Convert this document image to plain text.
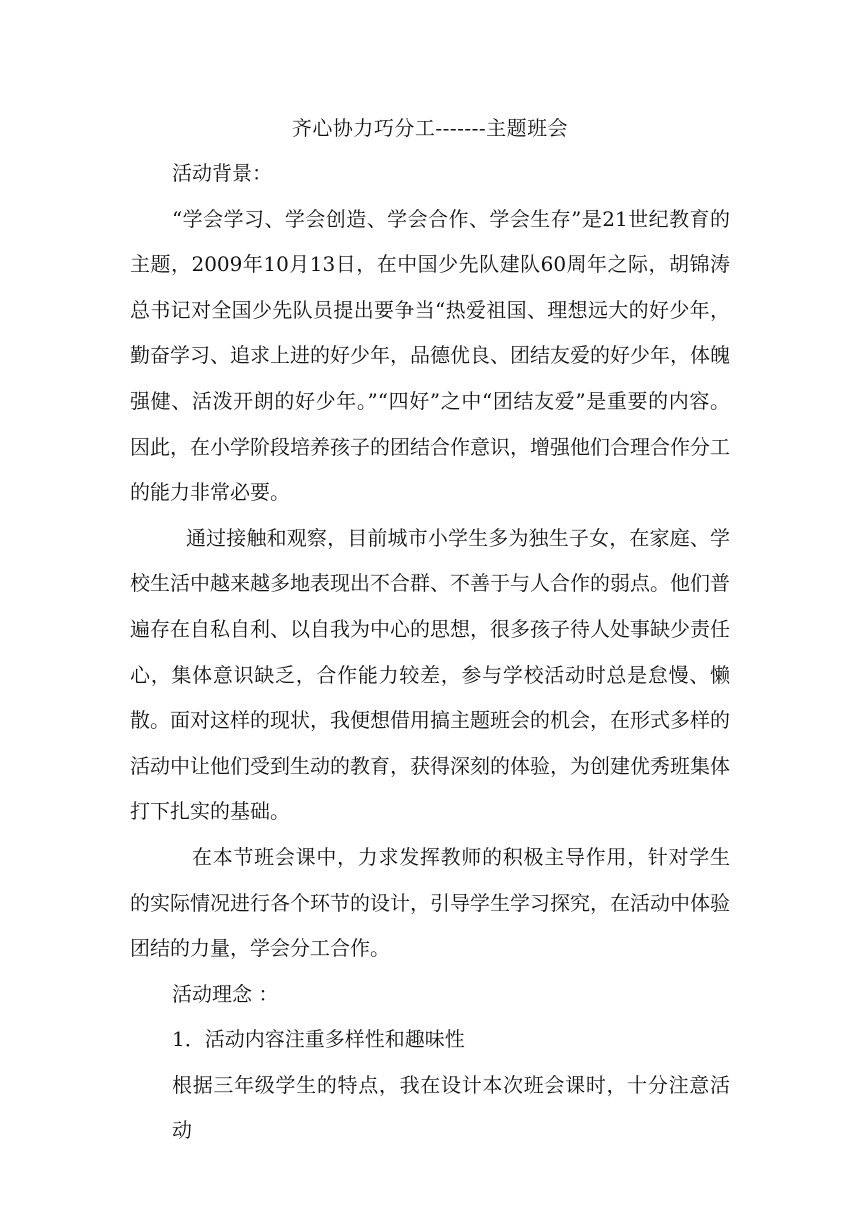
齐心协力巧分工-------主题班会

活动背景：

“学会学习、学会创造、学会合作、学会生存”是21世纪教育的主题，2009年10月13日，在中国少先队建队60周年之际，胡锦涛总书记对全国少先队员提出要争当“热爱祖国、理想远大的好少年，勤奋学习、追求上进的好少年，品德优良、团结友爱的好少年，体魄强健、活泼开朗的好少年。”“四好”之中“团结友爱”是重要的内容。因此，在小学阶段培养孩子的团结合作意识，增强他们合理合作分工的能力非常必要。

通过接触和观察，目前城市小学生多为独生子女，在家庭、学校生活中越来越多地表现出不合群、不善于与人合作的弱点。他们普遍存在自私自利、以自我为中心的思想，很多孩子待人处事缺少责任心，集体意识缺乏，合作能力较差，参与学校活动时总是怠慢、懒散。面对这样的现状，我便想借用搞主题班会的机会，在形式多样的活动中让他们受到生动的教育，获得深刻的体验，为创建优秀班集体打下扎实的基础。

在本节班会课中，力求发挥教师的积极主导作用，针对学生的实际情况进行各个环节的设计，引导学生学习探究，在活动中体验团结的力量，学会分工合作。

活动理念 ：

1．活动内容注重多样性和趣味性

根据三年级学生的特点，我在设计本次班会课时，十分注意活动
